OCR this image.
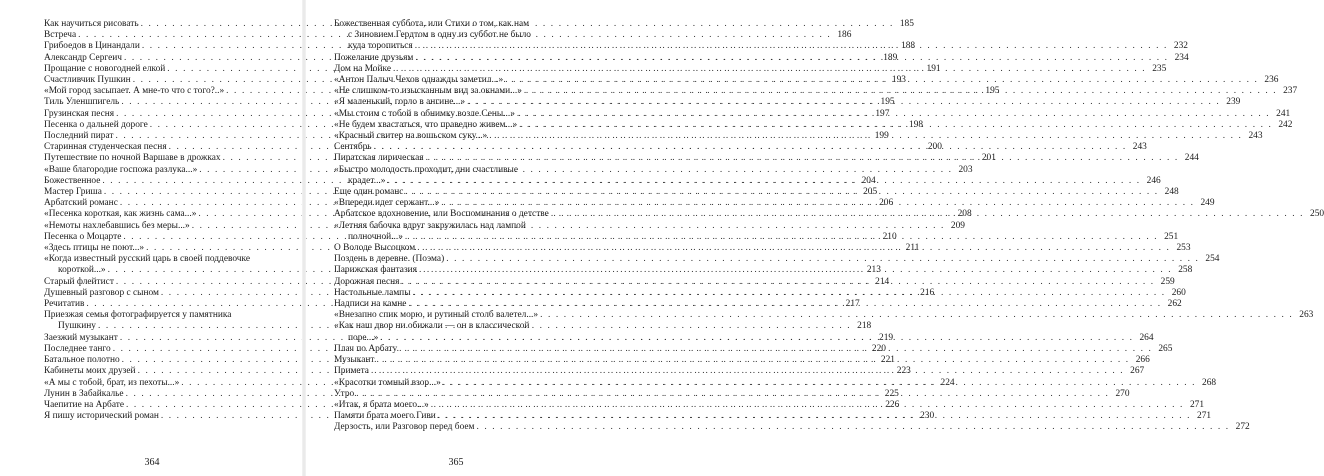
Как научиться рисовать . . .	185
Встреча . . .	186
Грибоедов в Цинандали . . .	188
Александр Сергеич . . .	189
Прощание с новогодней елкой . . .	191
Счастливчик Пушкин . . .	193
«Мой город засыпает. А мне-то что с того?..» . . .	195
Тиль Уленшпигель . . .	195
Грузинская песня . . .	197
Песенка о дальней дороге . . .	198
Последний пират . . .	199
Старинная студенческая песня . . .	200
Путешествие по ночной Варшаве в дрожках . . .	201
«Ваше благородие госпожа разлука...» . . .	203
Божественное . . .	204
Мастер Гриша . . .	205
Арбатский романс . . .	206
«Песенка короткая, как жизнь сама...» . . .	208
«Немоты нахлебавшись без меры...» . . .	209
Песенка о Моцарте . . .	210
«Здесь птицы не поют...» . . .	211
«Когда известный русский царь в своей поддевочке
короткой...» . . .	213
Старый флейтист . . .	214
Душевный разговор с сыном . . .	216
Речитатив . . .	217
Приезжая семья фотографируется у памятника
Пушкину . . .	218
Заезжий музыкант . . .	219
Последнее танго . . .	220
Батальное полотно . . .	221
Кабинеты моих друзей . . .	223
«А мы с тобой, брат, из пехоты...» . . .	224
Лунин в Забайкалье . . .	225
Чаепитие на Арбате . . .	226
Я пишу исторический роман . . .	230
364
Божественная суббота, или Стихи о том, как нам
с Зиновием Гердтом в одну из суббот не было
куда торопиться . . .	232
Пожелание друзьям . . .	234
Дом на Мойке . . .	235
«Антон Палыч Чехов однажды заметил...» . . .	236
«Не слишком-то изысканным вид за окнами...» . . .	237
«Я маленький, горло в ангине...» . . .	239
«Мы стоим с тобой в обнимку возле Сены...» . . .	241
«Не будем хвастаться, что праведно живем...» . . .	242
«Красный свитер на вошьском суку...» . . .	243
Сентябрь . . .	243
Пиратская лирическая . . .	244
«Быстро молодость проходит, дни счастливые
крадет...» . . .	246
Еще один романс . . .	248
«Впереди идет сержант...» . . .	249
Арбатское вдохновение, или Воспоминания о детстве . . .	250
«Летняя бабочка вдруг закружилась над лампой
полночной...» . . .	251
О Володе Высоцком . . .	253
Поздень в деревне. (Поэма) . . .	254
Парижская фантазия . . .	258
Дорожная песня . . .	259
Настольные лампы . . .	260
Надписи на камне . . .	262
«Внезапно спик морю, и рутиный столб валетел...» . . .	263
«Как наш двор ни обижали — он в классической
поре...» . . .	264
Плач по Арбату . . .	265
Музыкант . . .	266
Примета . . .	267
«Красотки томный взор...» . . .	268
Утро . . .	270
«Итак, я брата моего...» . . .	271
Памяти брата моего Гиви . . .	271
Дерзость, или Разговор перед боем . . .	272
365
